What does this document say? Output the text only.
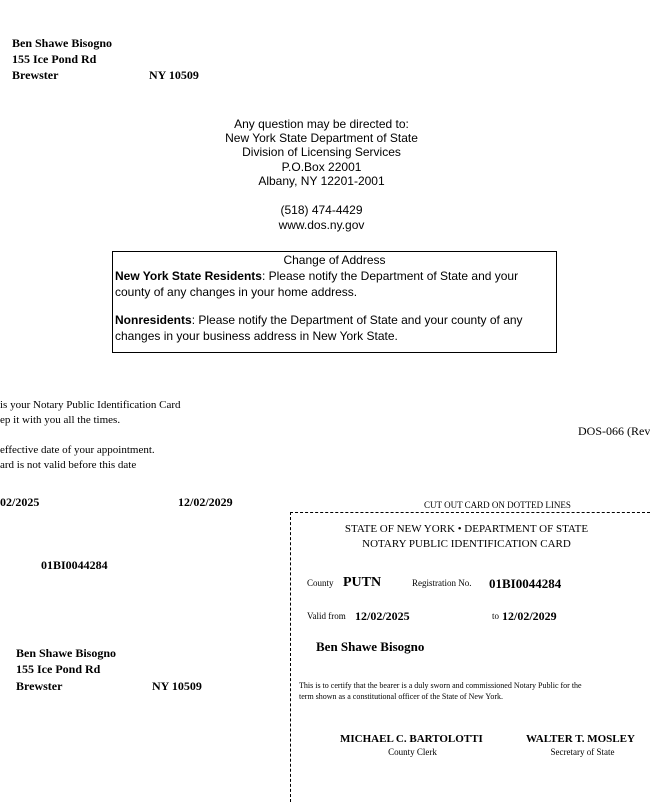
Ben Shawe Bisogno
155 Ice Pond Rd
Brewster	NY 10509
Any question may be directed to:
New York State Department of State
Division of Licensing Services
P.O.Box 22001
Albany, NY 12201-2001
(518) 474-4429
www.dos.ny.gov
Change of Address
New York State Residents: Please notify the Department of State and your county of any changes in your home address.
Nonresidents: Please notify the Department of State and your county of any changes in your business address in New York State.
is your Notary Public Identification Card
ep it with you all the times.
effective date of your appointment.
ard is not valid before this date
DOS-066 (Rev
02/2025	12/02/2029
01BI0044284
Ben Shawe Bisogno
155 Ice Pond Rd
Brewster	NY 10509
CUT OUT CARD ON DOTTED LINES
STATE OF NEW YORK • DEPARTMENT OF STATE
NOTARY PUBLIC IDENTIFICATION CARD
County PUTN	Registration No. 01BI0044284
Valid from 12/02/2025	to 12/02/2029
Ben Shawe Bisogno
This is to certify that the bearer is a duly sworn and commissioned Notary Public for the
term shown as a constitutional officer of the State of New York.
MICHAEL C. BARTOLOTTI
County Clerk
WALTER T. MOSLEY
Secretary of State
